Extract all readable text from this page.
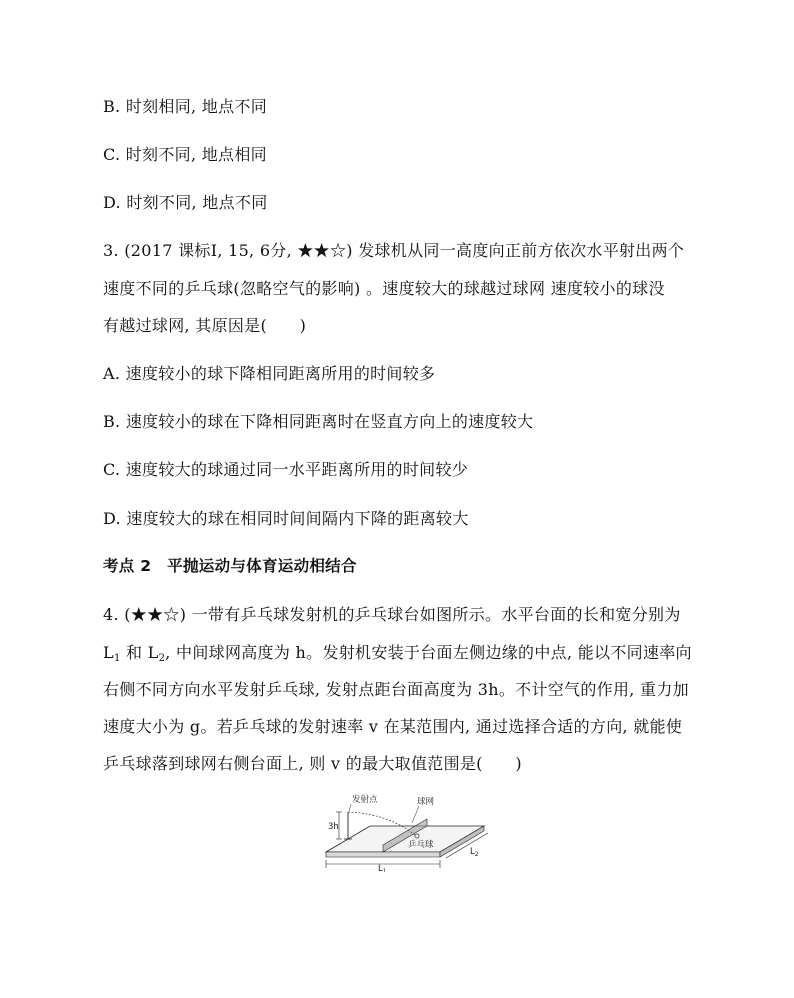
B. 时刻相同, 地点不同
C. 时刻不同, 地点相同
D. 时刻不同, 地点不同
3. (2017 课标Ⅰ, 15, 6分, ★★☆) 发球机从同一高度向正前方依次水平射出两个
速度不同的乒乓球(忽略空气的影响) 。速度较大的球越过球网 速度较小的球没
有越过球网, 其原因是(　　)
A. 速度较小的球下降相同距离所用的时间较多
B. 速度较小的球在下降相同距离时在竖直方向上的速度较大
C. 速度较大的球通过同一水平距离所用的时间较少
D. 速度较大的球在相同时间间隔内下降的距离较大
考点 2　平抛运动与体育运动相结合
4. (★★☆) 一带有乒乓球发射机的乒乓球台如图所示。水平台面的长和宽分别为
$L_1$ 和 $L_2$, 中间球网高度为 h。发射机安装于台面左侧边缘的中点, 能以不同速率向
右侧不同方向水平发射乒乓球, 发射点距台面高度为 3h。不计空气的作用, 重力加
速度大小为 g。若乒乓球的发射速率 v 在某范围内, 通过选择合适的方向, 就能使
乒乓球落到球网右侧台面上, 则 v 的最大取值范围是(　　)
发射点	球网
3h
乒乓球
$L_1$
$L_2$
